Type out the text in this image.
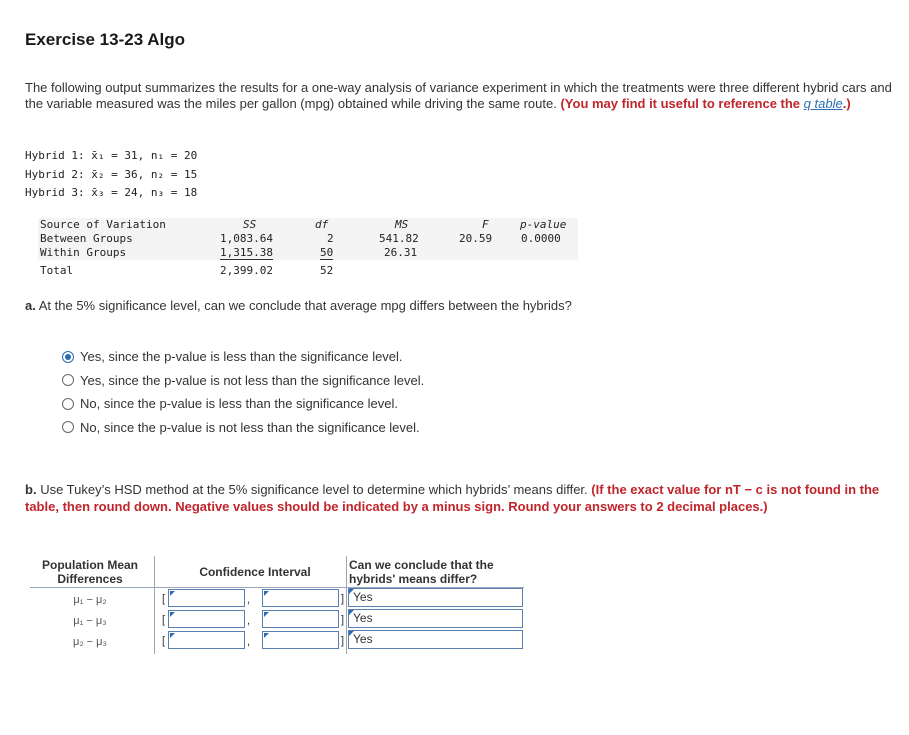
Exercise 13-23 Algo
The following output summarizes the results for a one-way analysis of variance experiment in which the treatments were three different hybrid cars and the variable measured was the miles per gallon (mpg) obtained while driving the same route. (You may find it useful to reference the q table.)
Hybrid 1: x̄₁ = 31, n₁ = 20
Hybrid 2: x̄₂ = 36, n₂ = 15
Hybrid 3: x̄₃ = 24, n₃ = 18
Source of Variation	SS	df	MS	F	p-value
Between Groups	1,083.64	2	541.82	20.59	0.0000
Within Groups	1,315.38	50	26.31
Total	2,399.02	52
a. At the 5% significance level, can we conclude that average mpg differs between the hybrids?
Yes, since the p-value is less than the significance level.
Yes, since the p-value is not less than the significance level.
No, since the p-value is less than the significance level.
No, since the p-value is not less than the significance level.
b. Use Tukey’s HSD method at the 5% significance level to determine which hybrids’ means differ. (If the exact value for nT − c is not found in the table, then round down. Negative values should be indicated by a minus sign. Round your answers to 2 decimal places.)
Population Mean Differences	Confidence Interval	Can we conclude that the hybrids' means differ?
μ₁ − μ₂	[	,	] Yes
μ₁ − μ₃	[	,	] Yes
μ₂ − μ₃	[	,	] Yes
